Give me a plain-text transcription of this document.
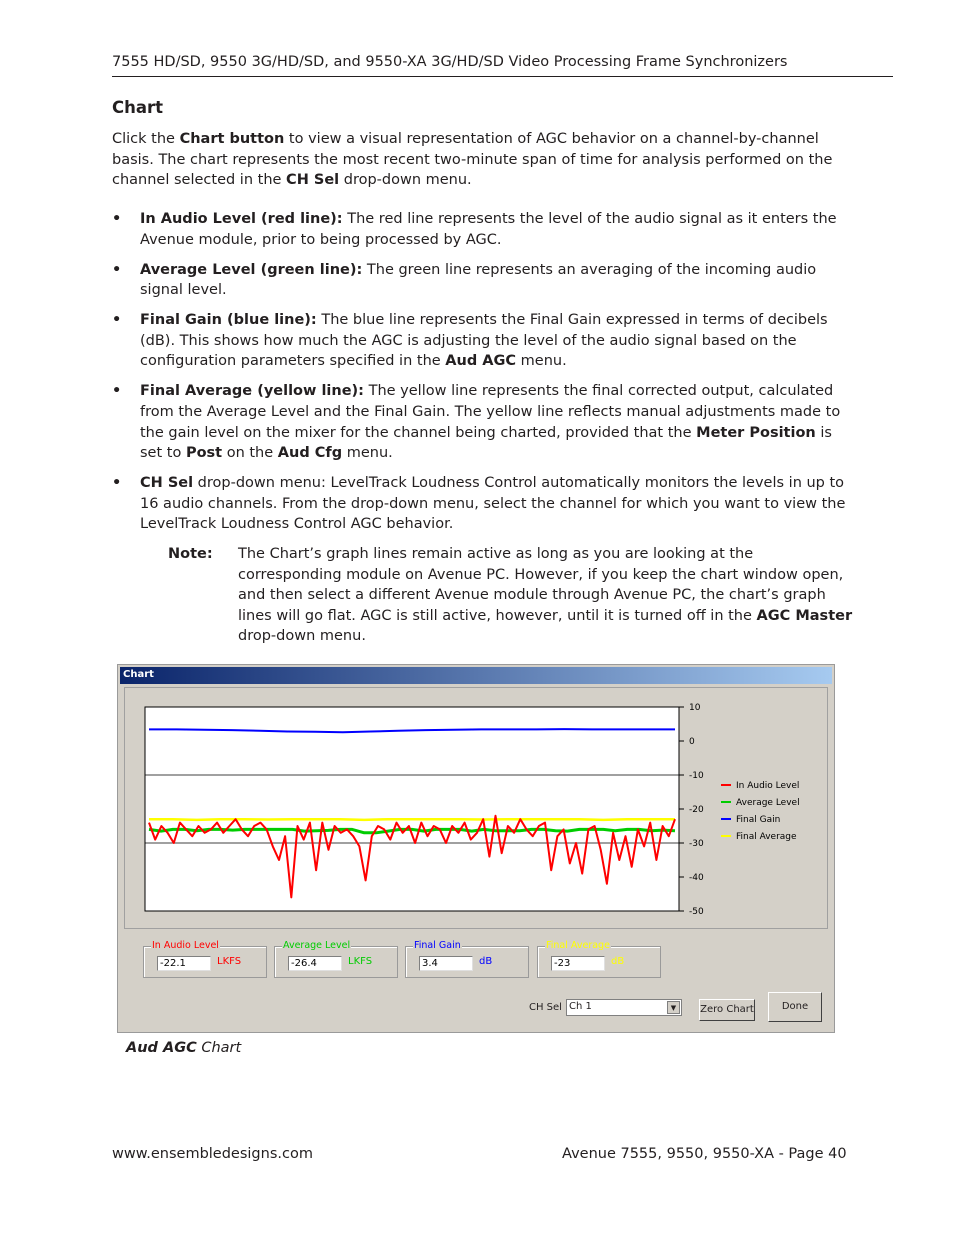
7555 HD/SD, 9550 3G/HD/SD, and 9550-XA 3G/HD/SD Video Processing Frame Synchronizers
Chart
Click the Chart button to view a visual representation of AGC behavior on a channel-by-channel basis. The chart represents the most recent two-minute span of time for analysis performed on the channel selected in the CH Sel drop-down menu.
• In Audio Level (red line): The red line represents the level of the audio signal as it enters the Avenue module, prior to being processed by AGC.
• Average Level (green line): The green line represents an averaging of the incoming audio signal level.
• Final Gain (blue line): The blue line represents the Final Gain expressed in terms of decibels (dB). This shows how much the AGC is adjusting the level of the audio signal based on the configuration parameters specified in the Aud AGC menu.
• Final Average (yellow line): The yellow line represents the final corrected output, calculated from the Average Level and the Final Gain. The yellow line reflects manual adjustments made to the gain level on the mixer for the channel being charted, provided that the Meter Position is set to Post on the Aud Cfg menu.
• CH Sel drop-down menu: LevelTrack Loudness Control automatically monitors the levels in up to 16 audio channels. From the drop-down menu, select the channel for which you want to view the LevelTrack Loudness Control AGC behavior.
Note: The Chart’s graph lines remain active as long as you are looking at the corresponding module on Avenue PC. However, if you keep the chart window open, and then select a different Avenue module through Avenue PC, the chart’s graph lines will go flat. AGC is still active, however, until it is turned off in the AGC Master drop-down menu.
Chart
10
0
-10
-20
-30
-40
-50
In Audio Level
Average Level
Final Gain
Final Average
In Audio Level
-22.1	LKFS
Average Level
-26.4	LKFS
Final Gain
3.4	dB
Final Average
-23	dB
CH Sel Ch 1	▼	Zero Chart	Done
Aud AGC Chart
www.ensembledesigns.com	Avenue 7555, 9550, 9550-XA - Page 40
